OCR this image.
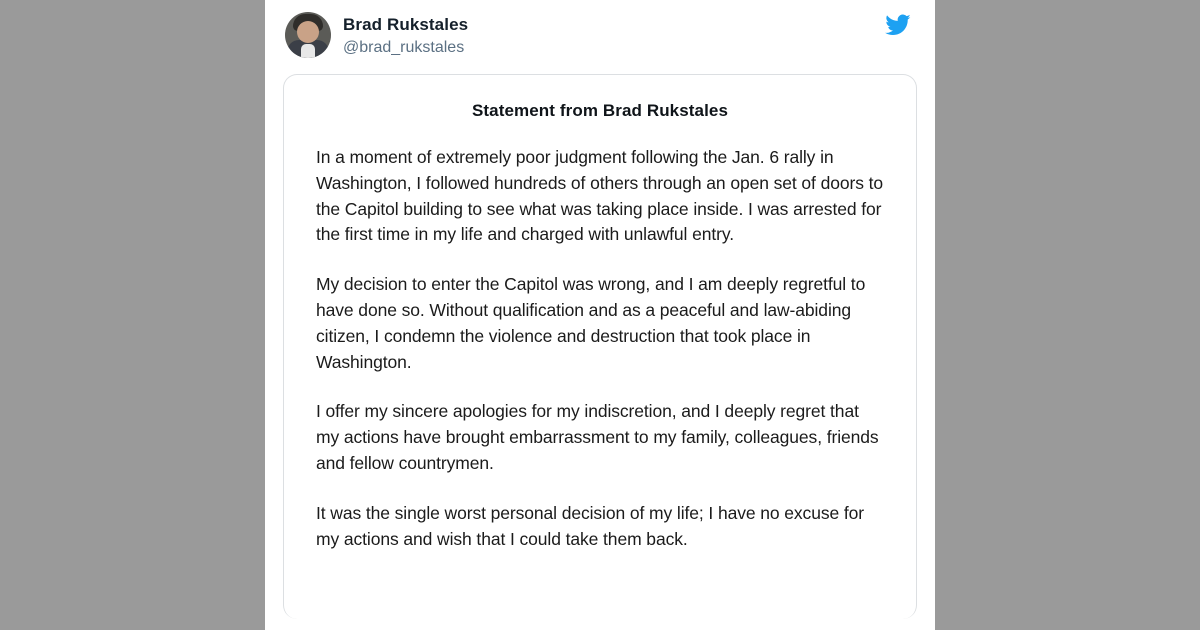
Brad Rukstales
@brad_rukstales
Statement from Brad Rukstales

In a moment of extremely poor judgment following the Jan. 6 rally in Washington, I followed hundreds of others through an open set of doors to the Capitol building to see what was taking place inside. I was arrested for the first time in my life and charged with unlawful entry.

My decision to enter the Capitol was wrong, and I am deeply regretful to have done so. Without qualification and as a peaceful and law-abiding citizen, I condemn the violence and destruction that took place in Washington.

I offer my sincere apologies for my indiscretion, and I deeply regret that my actions have brought embarrassment to my family, colleagues, friends and fellow countrymen.

It was the single worst personal decision of my life; I have no excuse for my actions and wish that I could take them back.
